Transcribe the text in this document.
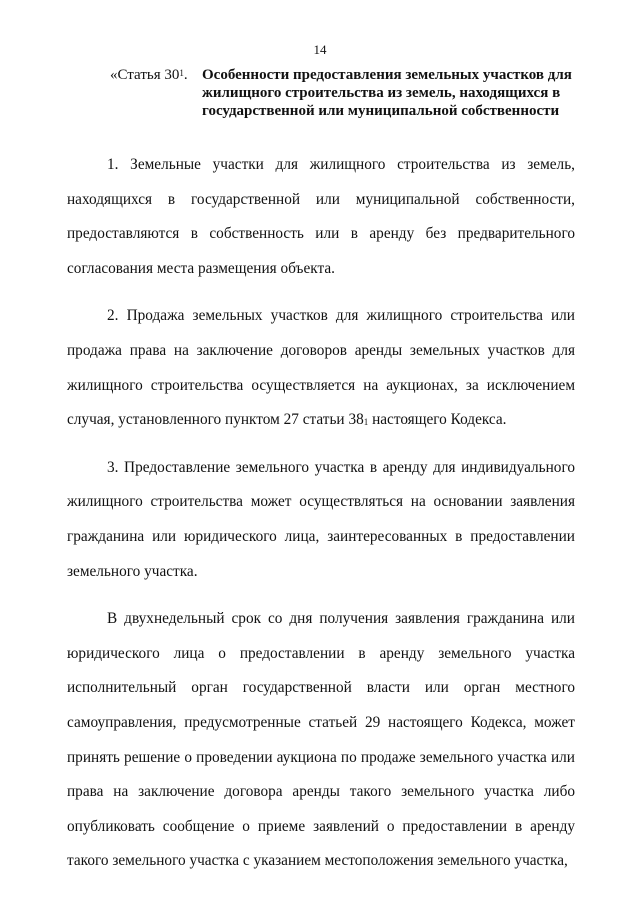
14
«Статья $30^1$. Особенности предоставления земельных участков для жилищного строительства из земель, находящихся в государственной или муниципальной собственности

1. Земельные участки для жилищного строительства из земель, находящихся в государственной или муниципальной собственности, предоставляются в собственность или в аренду без предварительного согласования места размещения объекта.

2. Продажа земельных участков для жилищного строительства или продажа права на заключение договоров аренды земельных участков для жилищного строительства осуществляется на аукционах, за исключением случая, установленного пунктом 27 статьи $38^1$ настоящего Кодекса.

3. Предоставление земельного участка в аренду для индивидуального жилищного строительства может осуществляться на основании заявления гражданина или юридического лица, заинтересованных в предоставлении земельного участка.

В двухнедельный срок со дня получения заявления гражданина или юридического лица о предоставлении в аренду земельного участка исполнительный орган государственной власти или орган местного самоуправления, предусмотренные статьей 29 настоящего Кодекса, может принять решение о проведении аукциона по продаже земельного участка или права на заключение договора аренды такого земельного участка либо опубликовать сообщение о приеме заявлений о предоставлении в аренду такого земельного участка с указанием местоположения земельного участка,
